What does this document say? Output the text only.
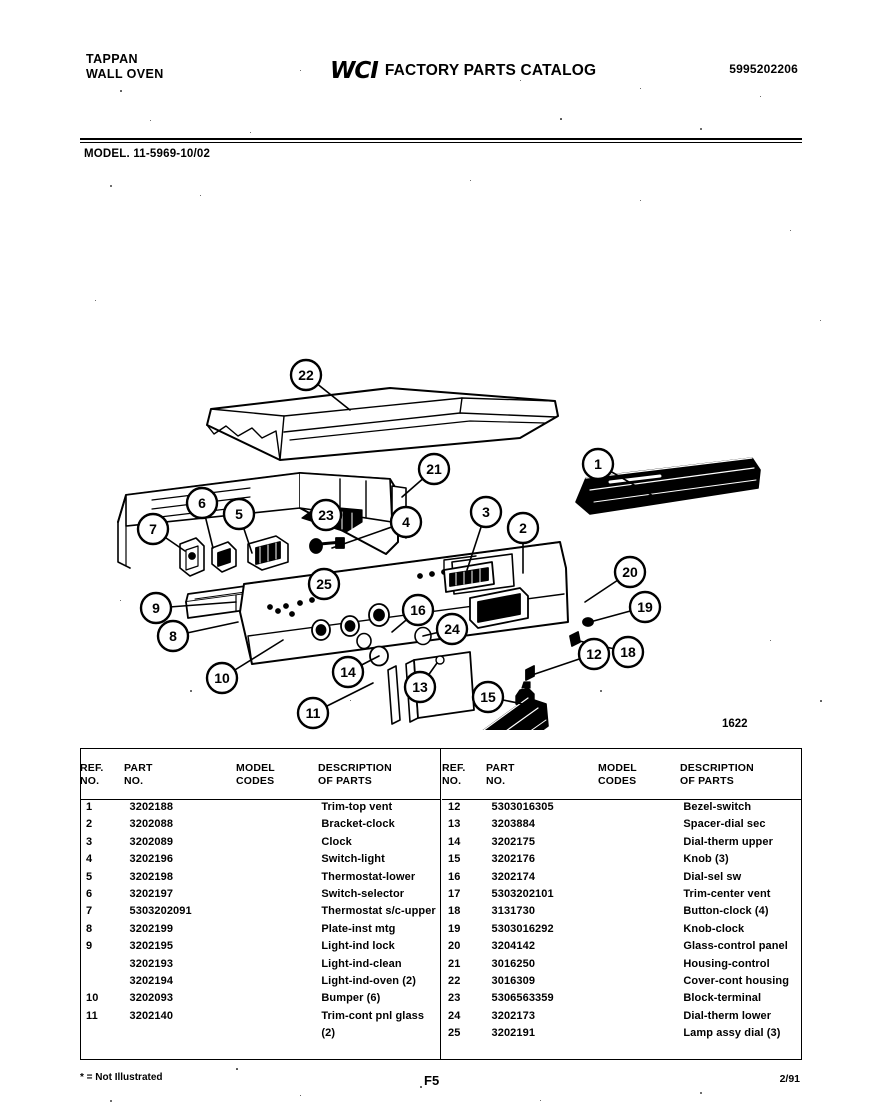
TAPPAN
WALL OVEN	WCI FACTORY PARTS CATALOG	5995202206
MODEL. 11-5969-10/02
1
2
3
4
5
6
7
8
9
10
11
12
13
14
15
16
18
19
20
21
22
23
24
25
1622
REF.
NO.
PART
NO.
MODEL
CODES
DESCRIPTION
OF PARTS
1	3202188	Trim-top vent
2	3202088	Bracket-clock
3	3202089	Clock
4	3202196	Switch-light
5	3202198	Thermostat-lower
6	3202197	Switch-selector
7	5303202091	Thermostat s/c-upper
8	3202199	Plate-inst mtg
9	3202195	Light-ind lock
3202193	Light-ind-clean
3202194	Light-ind-oven (2)
10	3202093	Bumper (6)
11	3202140	Trim-cont pnl glass
(2)
REF.
NO.
PART
NO.
MODEL
CODES
DESCRIPTION
OF PARTS
12	5303016305	Bezel-switch
13	3203884	Spacer-dial sec
14	3202175	Dial-therm upper
15	3202176	Knob (3)
16	3202174	Dial-sel sw
17	5303202101	Trim-center vent
18	3131730	Button-clock (4)
19	5303016292	Knob-clock
20	3204142	Glass-control panel
21	3016250	Housing-control
22	3016309	Cover-cont housing
23	5306563359	Block-terminal
24	3202173	Dial-therm lower
25	3202191	Lamp assy dial (3)
* = Not Illustrated	F5	2/91
